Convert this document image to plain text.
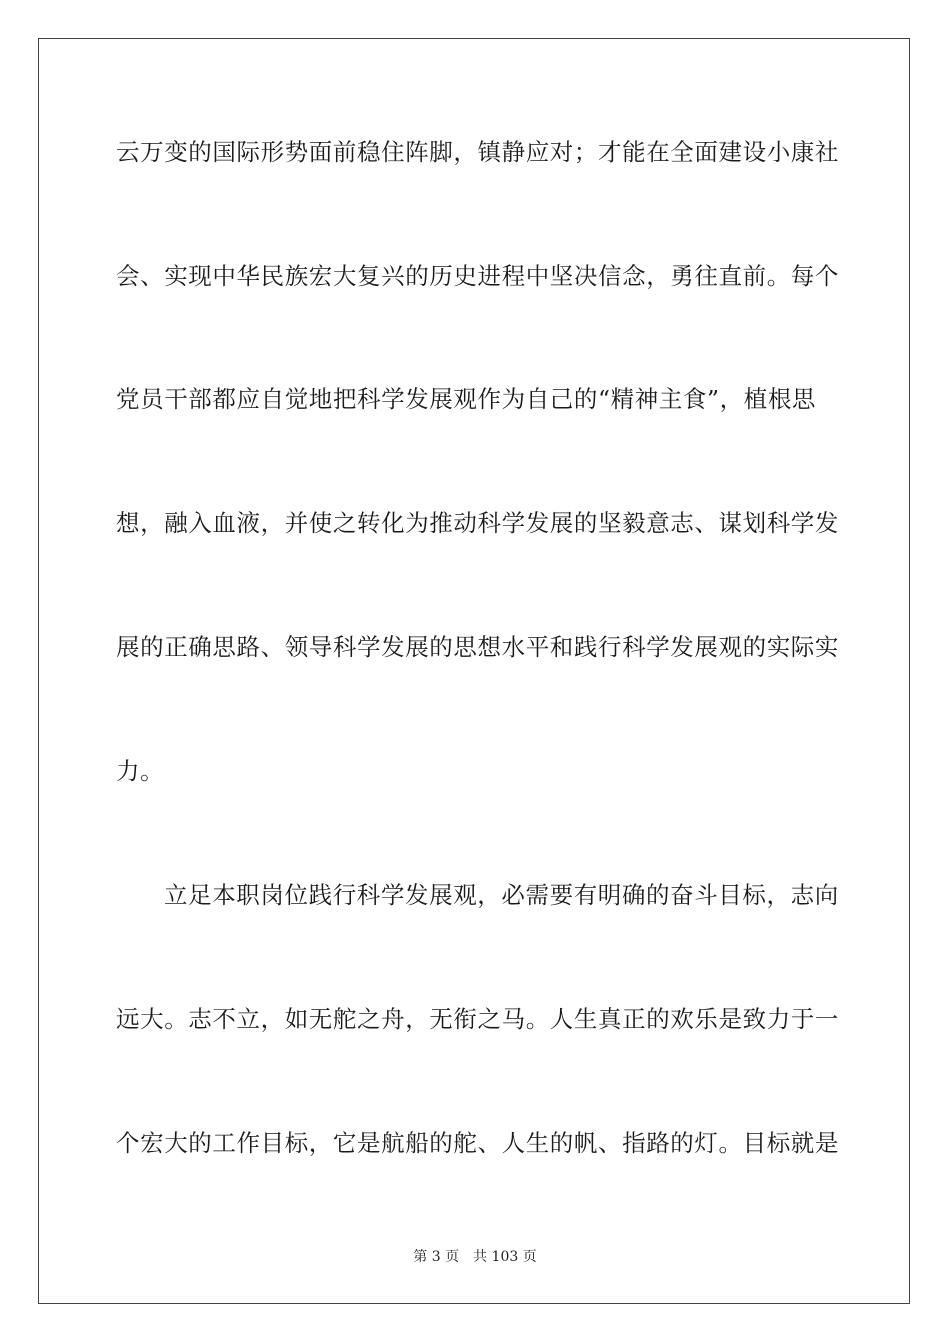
云万变的国际形势面前稳住阵脚，镇静应对；才能在全面建设小康社
会、实现中华民族宏大复兴的历史进程中坚决信念，勇往直前。每个
党员干部都应自觉地把科学发展观作为自己的“精神主食”，植根思
想，融入血液，并使之转化为推动科学发展的坚毅意志、谋划科学发
展的正确思路、领导科学发展的思想水平和践行科学发展观的实际实
力。
立足本职岗位践行科学发展观，必需要有明确的奋斗目标，志向
远大。志不立，如无舵之舟，无衔之马。人生真正的欢乐是致力于一
个宏大的工作目标，它是航船的舵、人生的帆、指路的灯。目标就是
第 3 页 共 103 页
